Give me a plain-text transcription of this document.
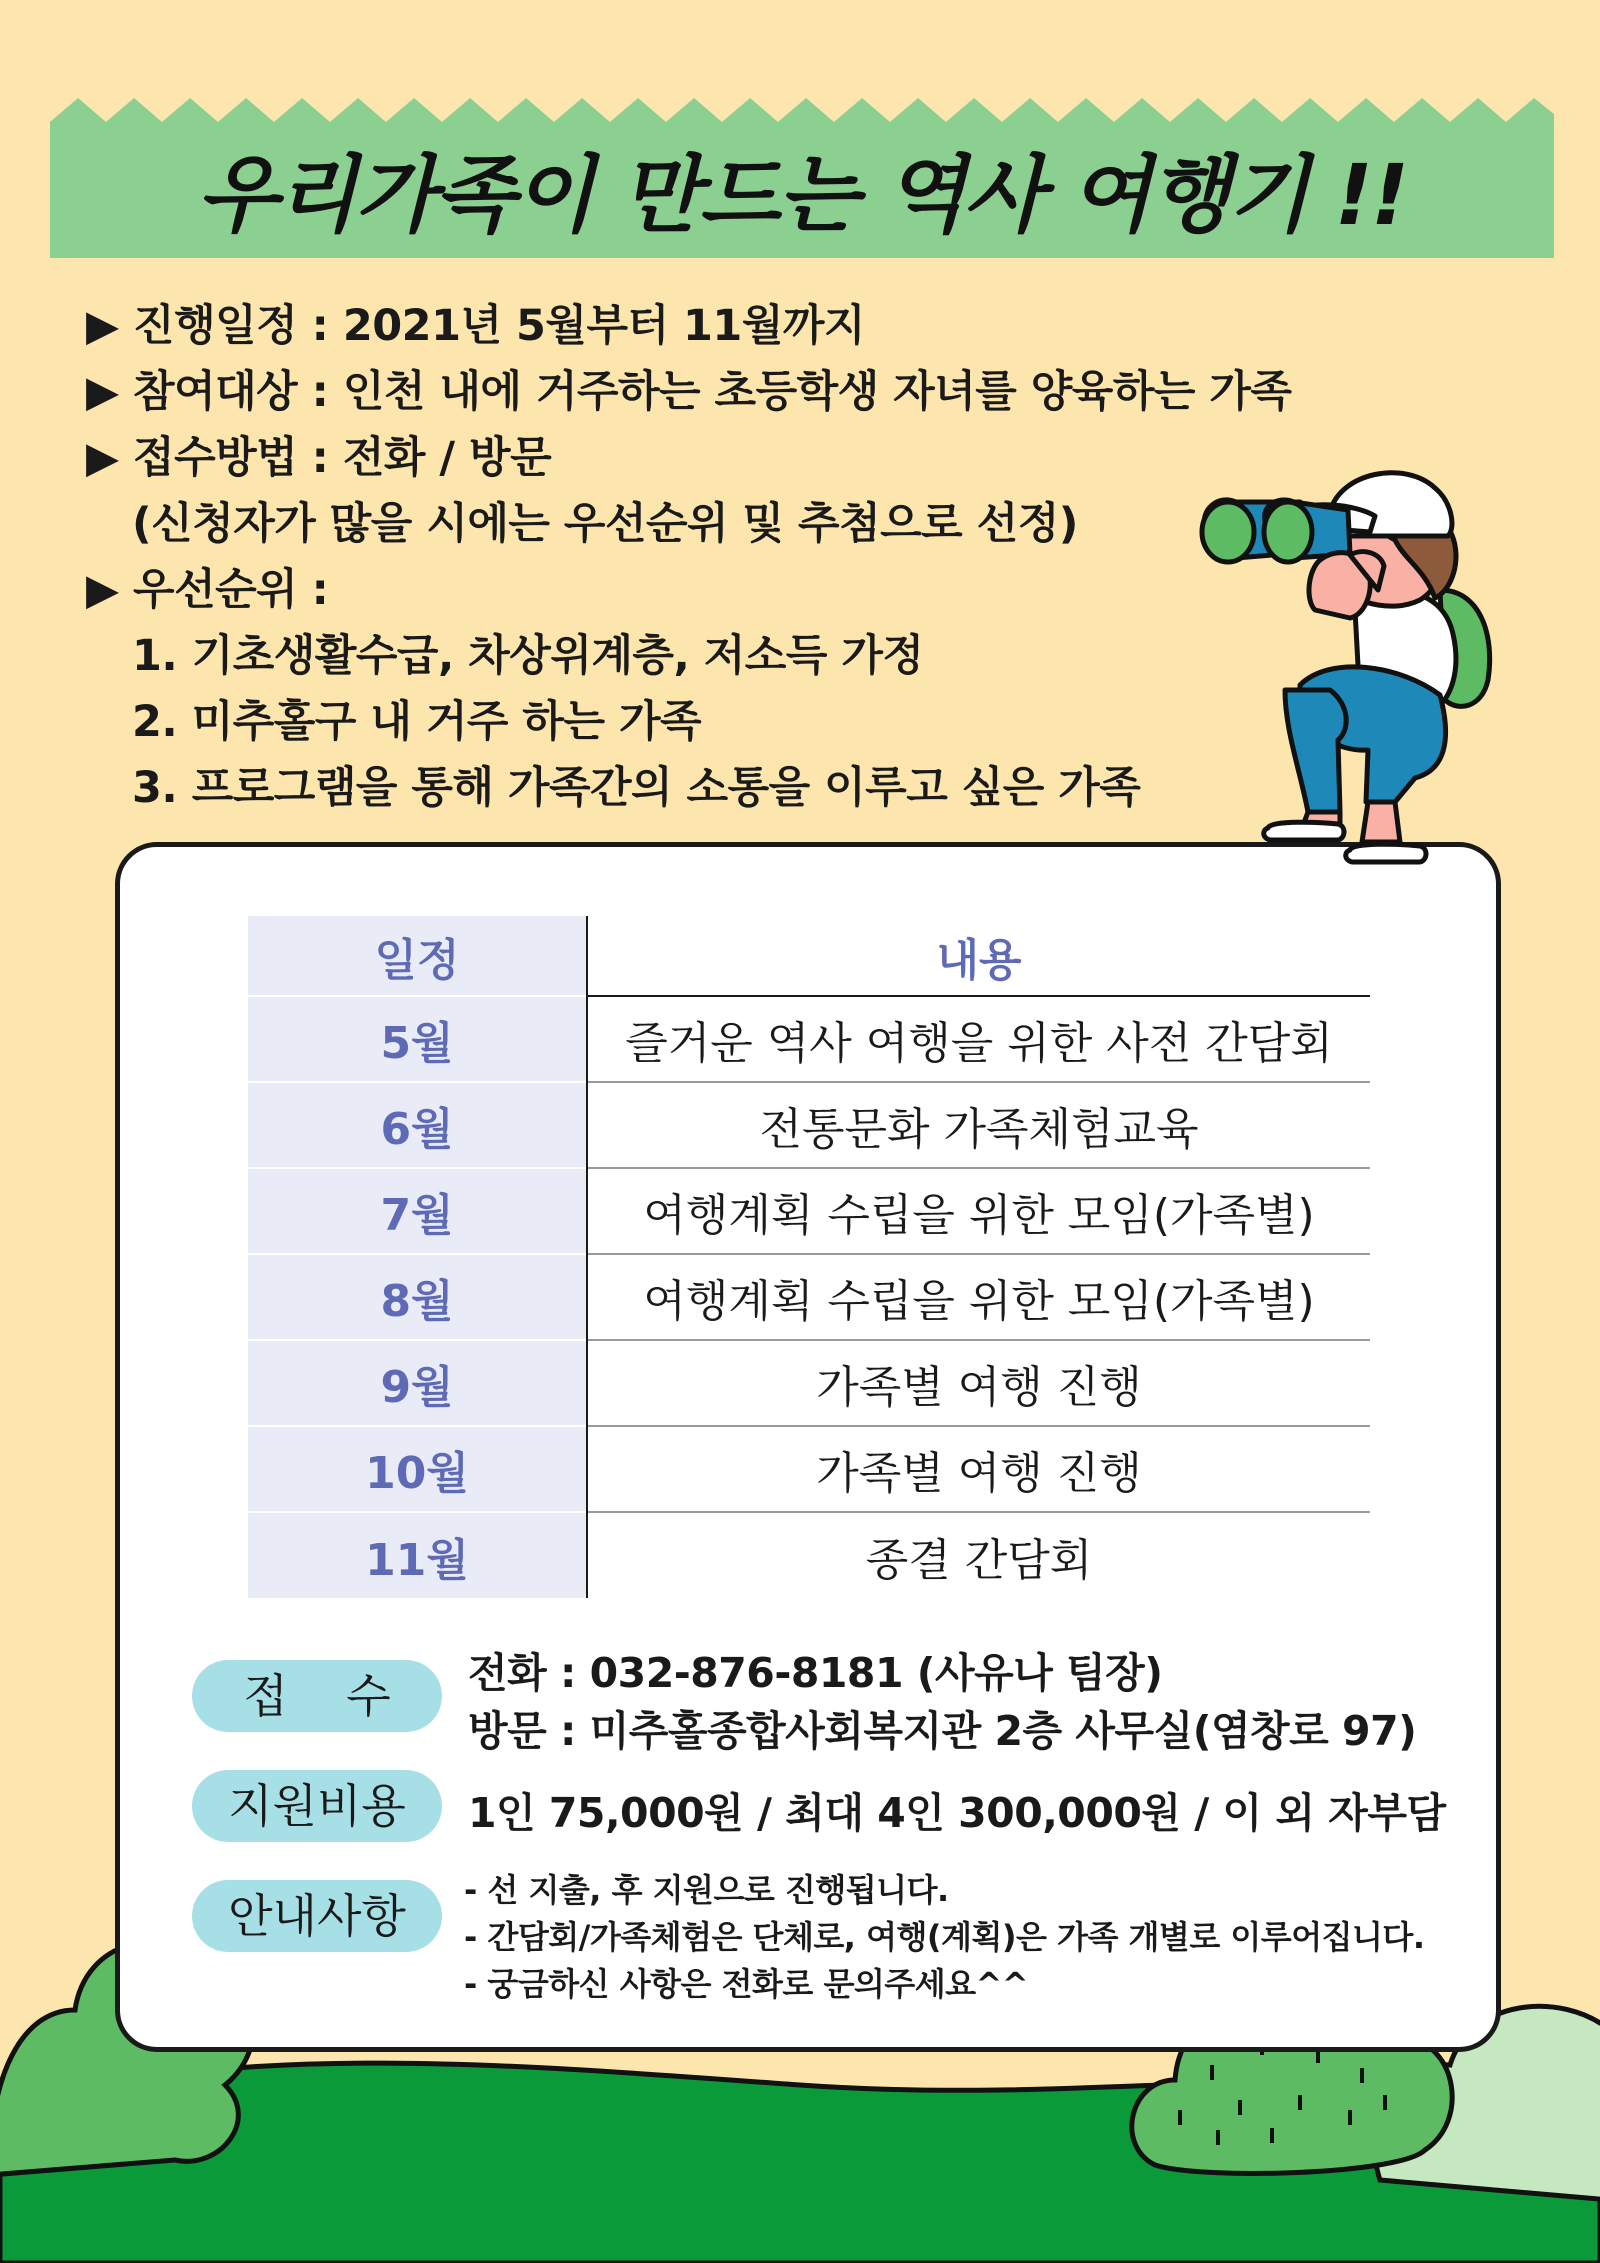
우리가족이 만드는 역사 여행기 !!
▶ 진행일정 : 2021년 5월부터 11월까지
▶ 참여대상 : 인천 내에 거주하는 초등학생 자녀를 양육하는 가족
▶ 접수방법 : 전화 / 방문
(신청자가 많을 시에는 우선순위 및 추첨으로 선정)
▶ 우선순위 :
1. 기초생활수급, 차상위계층, 저소득 가정
2. 미추홀구 내 거주 하는 가족
3. 프로그램을 통해 가족간의 소통을 이루고 싶은 가족
일정	내용
5월	즐거운 역사 여행을 위한 사전 간담회
6월	전통문화 가족체험교육
7월	여행계획 수립을 위한 모임(가족별)
8월	여행계획 수립을 위한 모임(가족별)
9월	가족별 여행 진행
10월	가족별 여행 진행
11월	종결 간담회
접    수	전화 : 032-876-8181 (사유나 팀장)
방문 : 미추홀종합사회복지관 2층 사무실(염창로 97)
지원비용	1인 75,000원 / 최대 4인 300,000원 / 이 외 자부담
안내사항	- 선 지출, 후 지원으로 진행됩니다.
- 간담회/가족체험은 단체로, 여행(계획)은 가족 개별로 이루어집니다.
- 궁금하신 사항은 전화로 문의주세요^^
